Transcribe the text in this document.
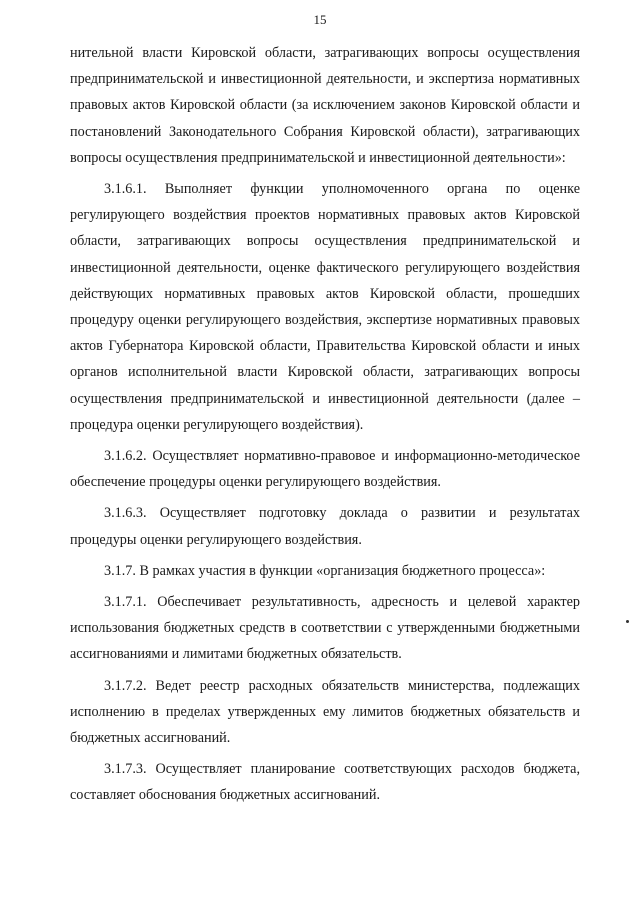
15

нительной власти Кировской области, затрагивающих вопросы осуществления предпринимательской и инвестиционной деятельности, и экспертиза нормативных правовых актов Кировской области (за исключением законов Кировской области и постановлений Законодательного Собрания Кировской области), затрагивающих вопросы осуществления предпринимательской и инвестиционной деятельности»:

3.1.6.1. Выполняет функции уполномоченного органа по оценке регулирующего воздействия проектов нормативных правовых актов Кировской области, затрагивающих вопросы осуществления предпринимательской и инвестиционной деятельности, оценке фактического регулирующего воздействия действующих нормативных правовых актов Кировской области, прошедших процедуру оценки регулирующего воздействия, экспертизе нормативных правовых актов Губернатора Кировской области, Правительства Кировской области и иных органов исполнительной власти Кировской области, затрагивающих вопросы осуществления предпринимательской и инвестиционной деятельности (далее – процедура оценки регулирующего воздействия).

3.1.6.2. Осуществляет нормативно-правовое и информационно-методическое обеспечение процедуры оценки регулирующего воздействия.

3.1.6.3. Осуществляет подготовку доклада о развитии и результатах процедуры оценки регулирующего воздействия.

3.1.7. В рамках участия в функции «организация бюджетного процесса»:

3.1.7.1. Обеспечивает результативность, адресность и целевой характер использования бюджетных средств в соответствии с утвержденными бюджетными ассигнованиями и лимитами бюджетных обязательств.

3.1.7.2. Ведет реестр расходных обязательств министерства, подлежащих исполнению в пределах утвержденных ему лимитов бюджетных обязательств и бюджетных ассигнований.

3.1.7.3. Осуществляет планирование соответствующих расходов бюджета, составляет обоснования бюджетных ассигнований.
